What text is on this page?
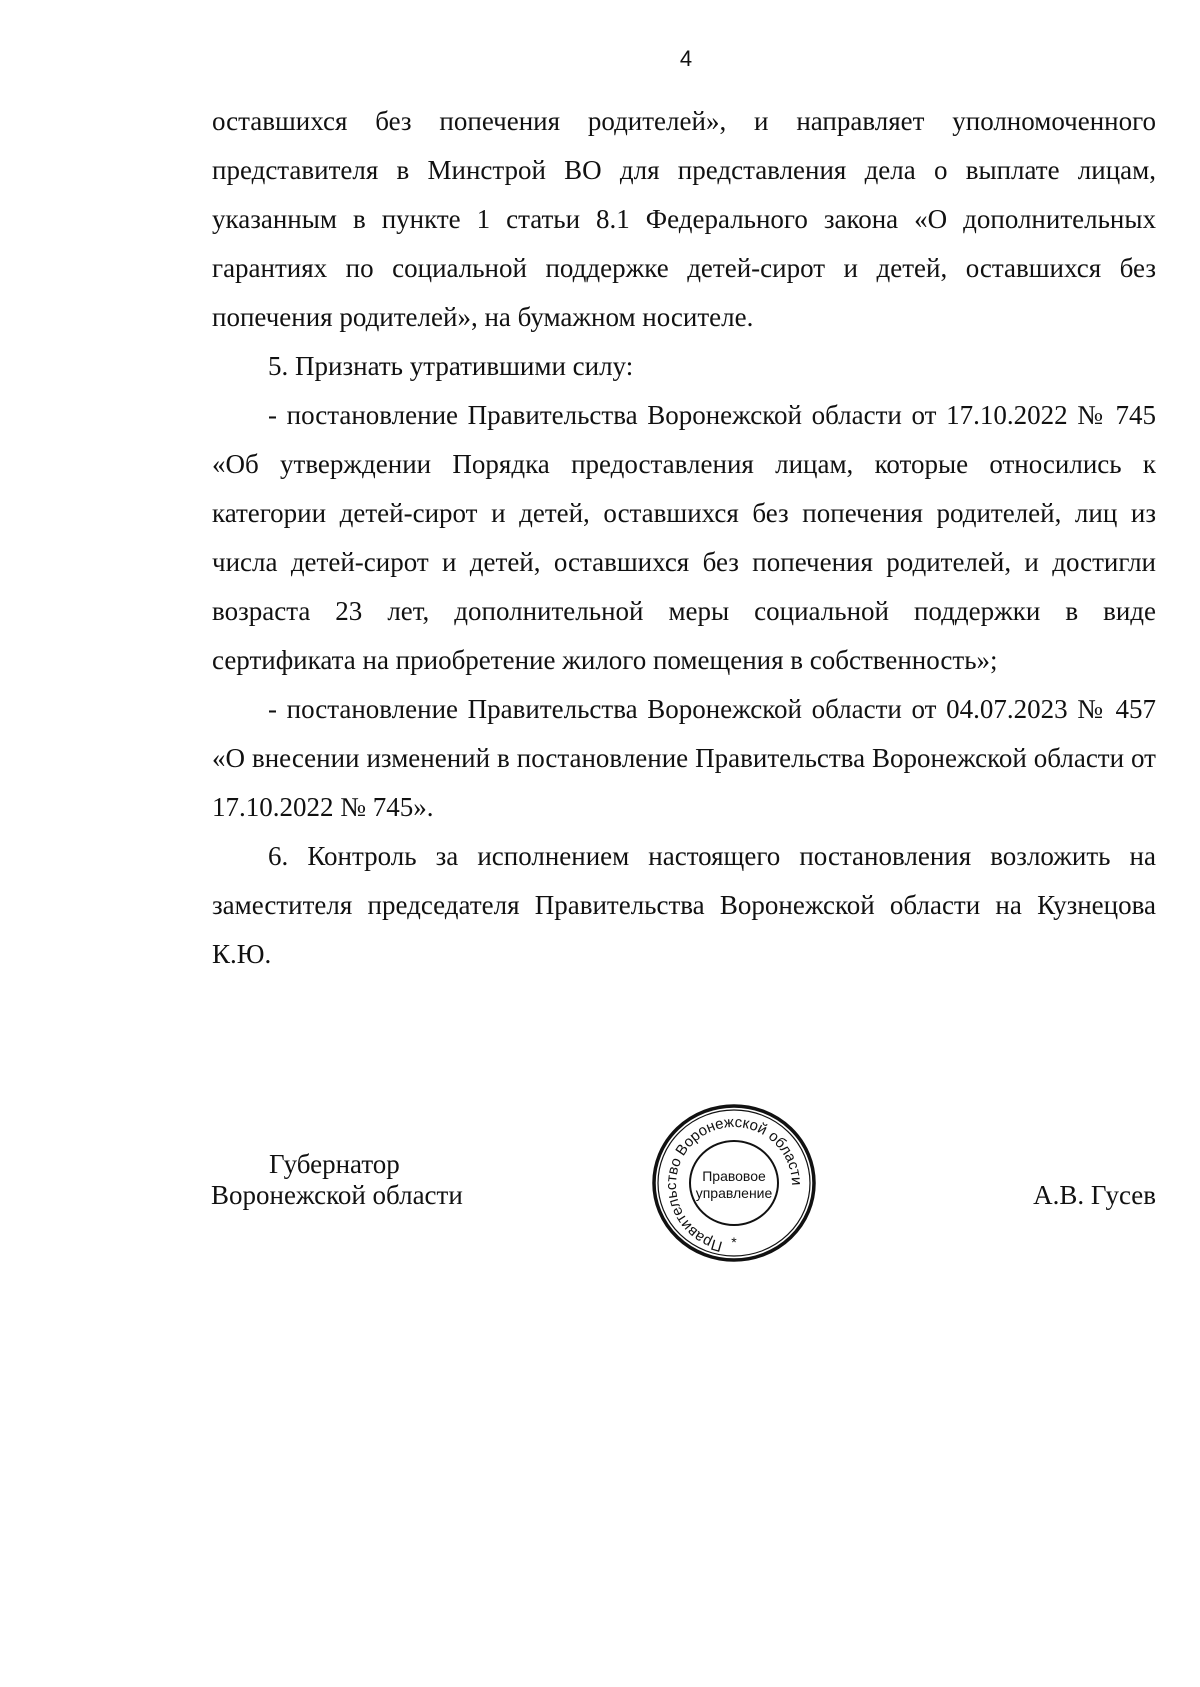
4

оставшихся без попечения родителей», и направляет уполномоченного представителя в Минстрой ВО для представления дела о выплате лицам, указанным в пункте 1 статьи 8.1 Федерального закона «О дополнительных гарантиях по социальной поддержке детей-сирот и детей, оставшихся без попечения родителей», на бумажном носителе.

5. Признать утратившими силу:

- постановление Правительства Воронежской области от 17.10.2022 № 745 «Об утверждении Порядка предоставления лицам, которые относились к категории детей-сирот и детей, оставшихся без попечения родителей, лиц из числа детей-сирот и детей, оставшихся без попечения родителей, и достигли возраста 23 лет, дополнительной меры социальной поддержки в виде сертификата на приобретение жилого помещения в собственность»;

- постановление Правительства Воронежской области от 04.07.2023 № 457 «О внесении изменений в постановление Правительства Воронежской области от 17.10.2022 № 745».

6. Контроль за исполнением настоящего постановления возложить на заместителя председателя Правительства Воронежской области на Кузнецова К.Ю.

Губернатор
Воронежской области
Правительство Воронежской области
Правовое
управление
*
А.В. Гусев
